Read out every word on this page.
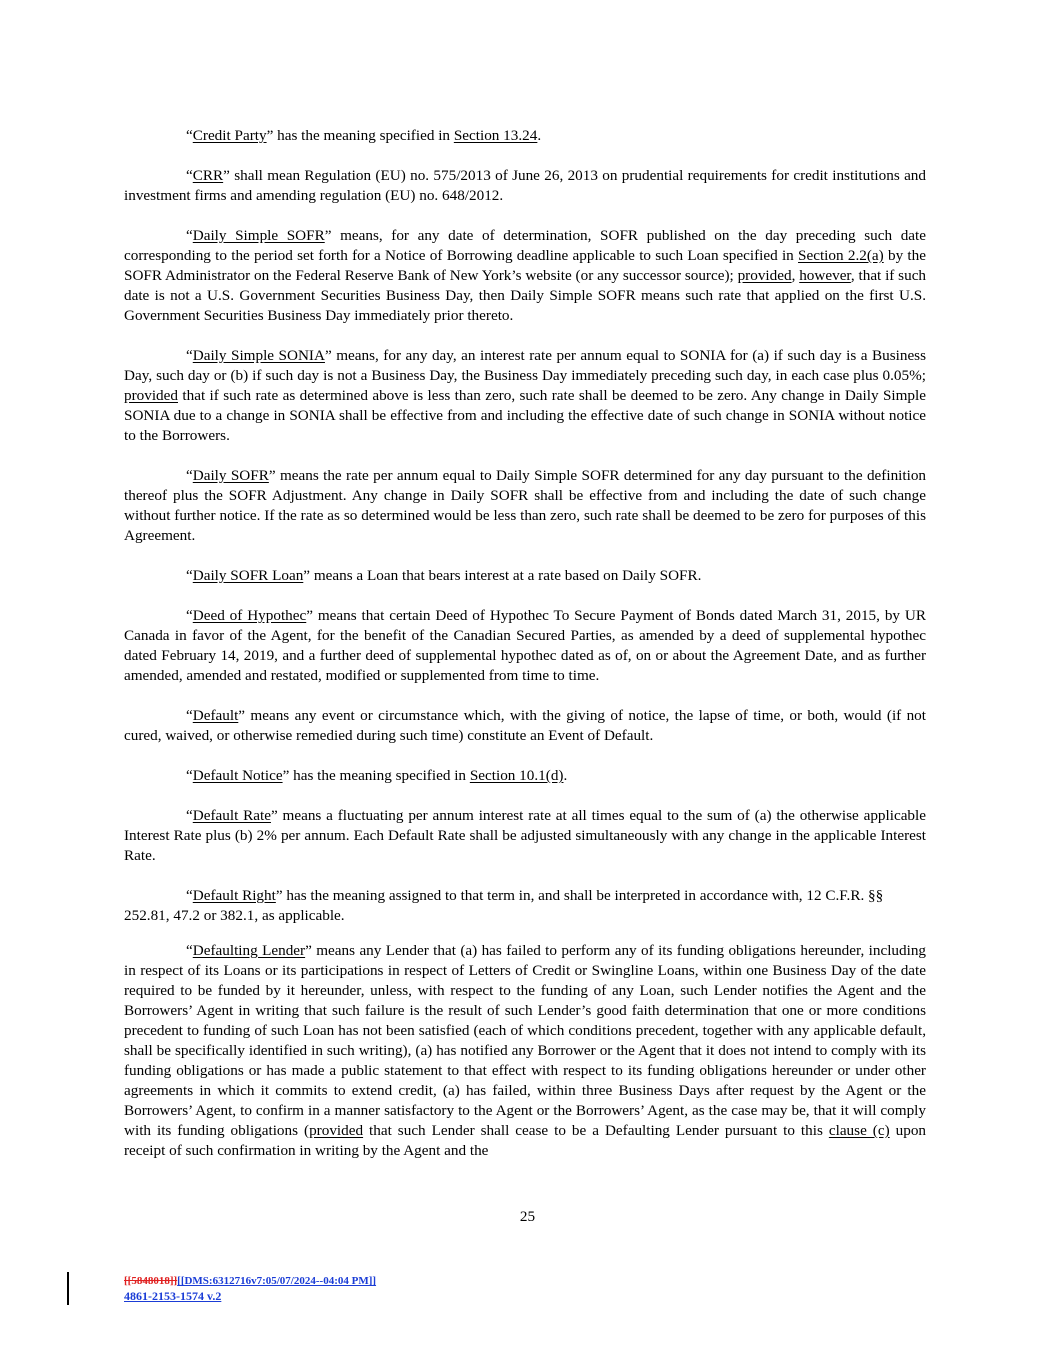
“Credit Party” has the meaning specified in Section 13.24.

“CRR” shall mean Regulation (EU) no. 575/2013 of June 26, 2013 on prudential requirements for credit institutions and investment firms and amending regulation (EU) no. 648/2012.

“Daily Simple SOFR” means, for any date of determination, SOFR published on the day preceding such date corresponding to the period set forth for a Notice of Borrowing deadline applicable to such Loan specified in Section 2.2(a) by the SOFR Administrator on the Federal Reserve Bank of New York’s website (or any successor source); provided, however, that if such date is not a U.S. Government Securities Business Day, then Daily Simple SOFR means such rate that applied on the first U.S. Government Securities Business Day immediately prior thereto.

“Daily Simple SONIA” means, for any day, an interest rate per annum equal to SONIA for (a) if such day is a Business Day, such day or (b) if such day is not a Business Day, the Business Day immediately preceding such day, in each case plus 0.05%; provided that if such rate as determined above is less than zero, such rate shall be deemed to be zero. Any change in Daily Simple SONIA due to a change in SONIA shall be effective from and including the effective date of such change in SONIA without notice to the Borrowers.

“Daily SOFR” means the rate per annum equal to Daily Simple SOFR determined for any day pursuant to the definition thereof plus the SOFR Adjustment. Any change in Daily SOFR shall be effective from and including the date of such change without further notice. If the rate as so determined would be less than zero, such rate shall be deemed to be zero for purposes of this Agreement.

“Daily SOFR Loan” means a Loan that bears interest at a rate based on Daily SOFR.

“Deed of Hypothec” means that certain Deed of Hypothec To Secure Payment of Bonds dated March 31, 2015, by UR Canada in favor of the Agent, for the benefit of the Canadian Secured Parties, as amended by a deed of supplemental hypothec dated February 14, 2019, and a further deed of supplemental hypothec dated as of, on or about the Agreement Date, and as further amended, amended and restated, modified or supplemented from time to time.

“Default” means any event or circumstance which, with the giving of notice, the lapse of time, or both, would (if not cured, waived, or otherwise remedied during such time) constitute an Event of Default.

“Default Notice” has the meaning specified in Section 10.1(d).

“Default Rate” means a fluctuating per annum interest rate at all times equal to the sum of (a) the otherwise applicable Interest Rate plus (b) 2% per annum. Each Default Rate shall be adjusted simultaneously with any change in the applicable Interest Rate.

“Default Right” has the meaning assigned to that term in, and shall be interpreted in accordance with, 12 C.F.R. §§ 252.81, 47.2 or 382.1, as applicable.

“Defaulting Lender” means any Lender that (a) has failed to perform any of its funding obligations hereunder, including in respect of its Loans or its participations in respect of Letters of Credit or Swingline Loans, within one Business Day of the date required to be funded by it hereunder, unless, with respect to the funding of any Loan, such Lender notifies the Agent and the Borrowers’ Agent in writing that such failure is the result of such Lender’s good faith determination that one or more conditions precedent to funding of such Loan has not been satisfied (each of which conditions precedent, together with any applicable default, shall be specifically identified in such writing), (a) has notified any Borrower or the Agent that it does not intend to comply with its funding obligations or has made a public statement to that effect with respect to its funding obligations hereunder or under other agreements in which it commits to extend credit, (a) has failed, within three Business Days after request by the Agent or the Borrowers’ Agent, to confirm in a manner satisfactory to the Agent or the Borrowers’ Agent, as the case may be, that it will comply with its funding obligations (provided that such Lender shall cease to be a Defaulting Lender pursuant to this clause (c) upon receipt of such confirmation in writing by the Agent and the

25
[[5848018]][[DMS:6312716v7:05/07/2024--04:04 PM]]
4861-2153-1574 v.2
